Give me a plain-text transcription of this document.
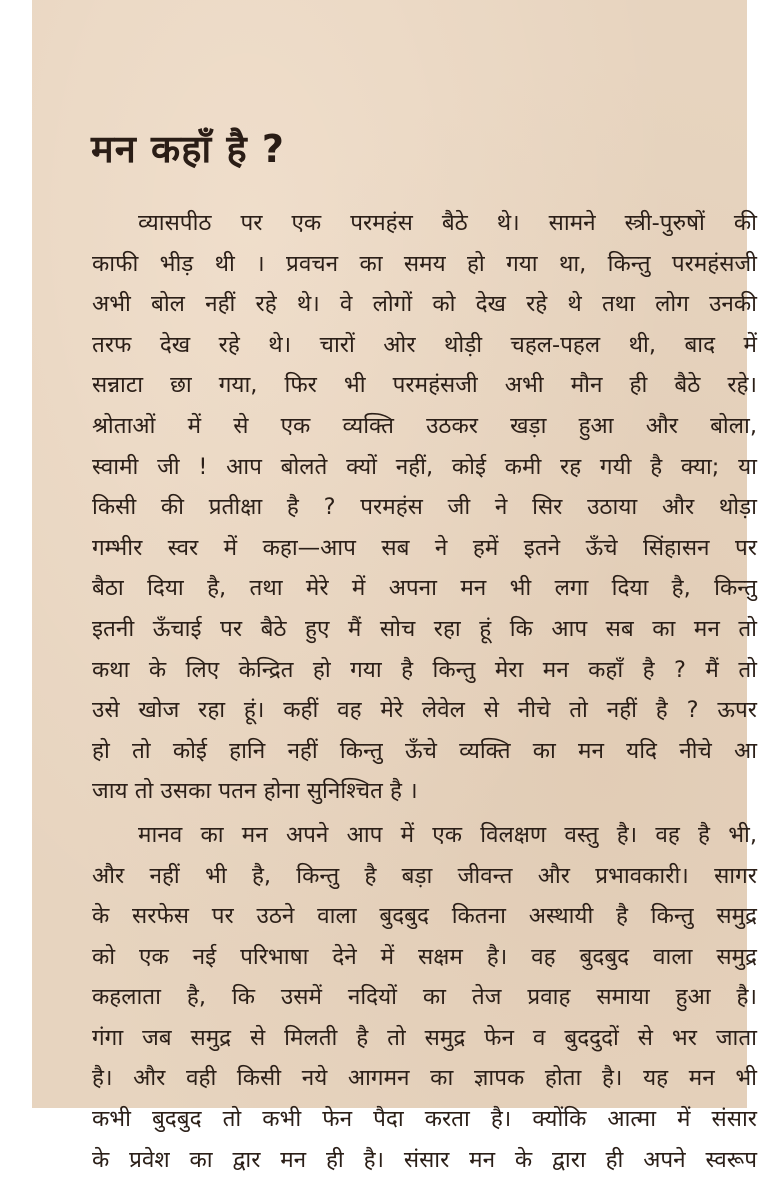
मन कहाँ है ?
व्यासपीठ पर एक परमहंस बैठे थे। सामने स्त्री-पुरुषों की
काफी भीड़ थी । प्रवचन का समय हो गया था, किन्तु परमहंसजी
अभी बोल नहीं रहे थे। वे लोगों को देख रहे थे तथा लोग उनकी
तरफ देख रहे थे। चारों ओर थोड़ी चहल-पहल थी, बाद में
सन्नाटा छा गया, फिर भी परमहंसजी अभी मौन ही बैठे रहे।
श्रोताओं में से एक व्यक्ति उठकर खड़ा हुआ और बोला,
स्वामी जी ! आप बोलते क्यों नहीं, कोई कमी रह गयी है क्या; या
किसी की प्रतीक्षा है ? परमहंस जी ने सिर उठाया और थोड़ा
गम्भीर स्वर में कहा—आप सब ने हमें इतने ऊँचे सिंहासन पर
बैठा दिया है, तथा मेरे में अपना मन भी लगा दिया है, किन्तु
इतनी ऊँचाई पर बैठे हुए मैं सोच रहा हूं कि आप सब का मन तो
कथा के लिए केन्द्रित हो गया है किन्तु मेरा मन कहाँ है ? मैं तो
उसे खोज रहा हूं। कहीं वह मेरे लेवेल से नीचे तो नहीं है ? ऊपर
हो तो कोई हानि नहीं किन्तु ऊँचे व्यक्ति का मन यदि नीचे आ
जाय तो उसका पतन होना सुनिश्चित है ।
मानव का मन अपने आप में एक विलक्षण वस्तु है। वह है भी,
और नहीं भी है, किन्तु है बड़ा जीवन्त और प्रभावकारी। सागर
के सरफेस पर उठने वाला बुदबुद कितना अस्थायी है किन्तु समुद्र
को एक नई परिभाषा देने में सक्षम है। वह बुदबुद वाला समुद्र
कहलाता है, कि उसमें नदियों का तेज प्रवाह समाया हुआ है।
गंगा जब समुद्र से मिलती है तो समुद्र फेन व बुददुदों से भर जाता
है। और वही किसी नये आगमन का ज्ञापक होता है। यह मन भी
कभी बुदबुद तो कभी फेन पैदा करता है। क्योंकि आत्मा में संसार
के प्रवेश का द्वार मन ही है। संसार मन के द्वारा ही अपने स्वरूप
